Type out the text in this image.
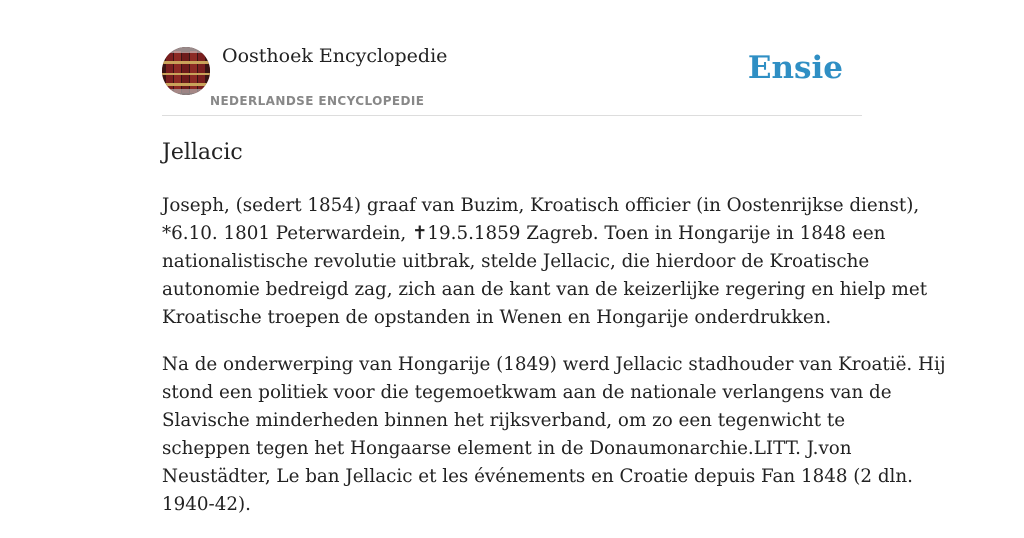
Oosthoek Encyclopedie
NEDERLANDSE ENCYCLOPEDIE
Ensie
Jellacic

Joseph, (sedert 1854) graaf van Buzim, Kroatisch officier (in Oostenrijkse dienst),
*6.10. 1801 Peterwardein, ✝19.5.1859 Zagreb. Toen in Hongarije in 1848 een
nationalistische revolutie uitbrak, stelde Jellacic, die hierdoor de Kroatische
autonomie bedreigd zag, zich aan de kant van de keizerlijke regering en hielp met
Kroatische troepen de opstanden in Wenen en Hongarije onderdrukken.

Na de onderwerping van Hongarije (1849) werd Jellacic stadhouder van Kroatië. Hij
stond een politiek voor die tegemoetkwam aan de nationale verlangens van de
Slavische minderheden binnen het rijksverband, om zo een tegenwicht te
scheppen tegen het Hongaarse element in de Donaumonarchie.LITT. J.von
Neustädter, Le ban Jellacic et les événements en Croatie depuis Fan 1848 (2 dln.
1940-42).
